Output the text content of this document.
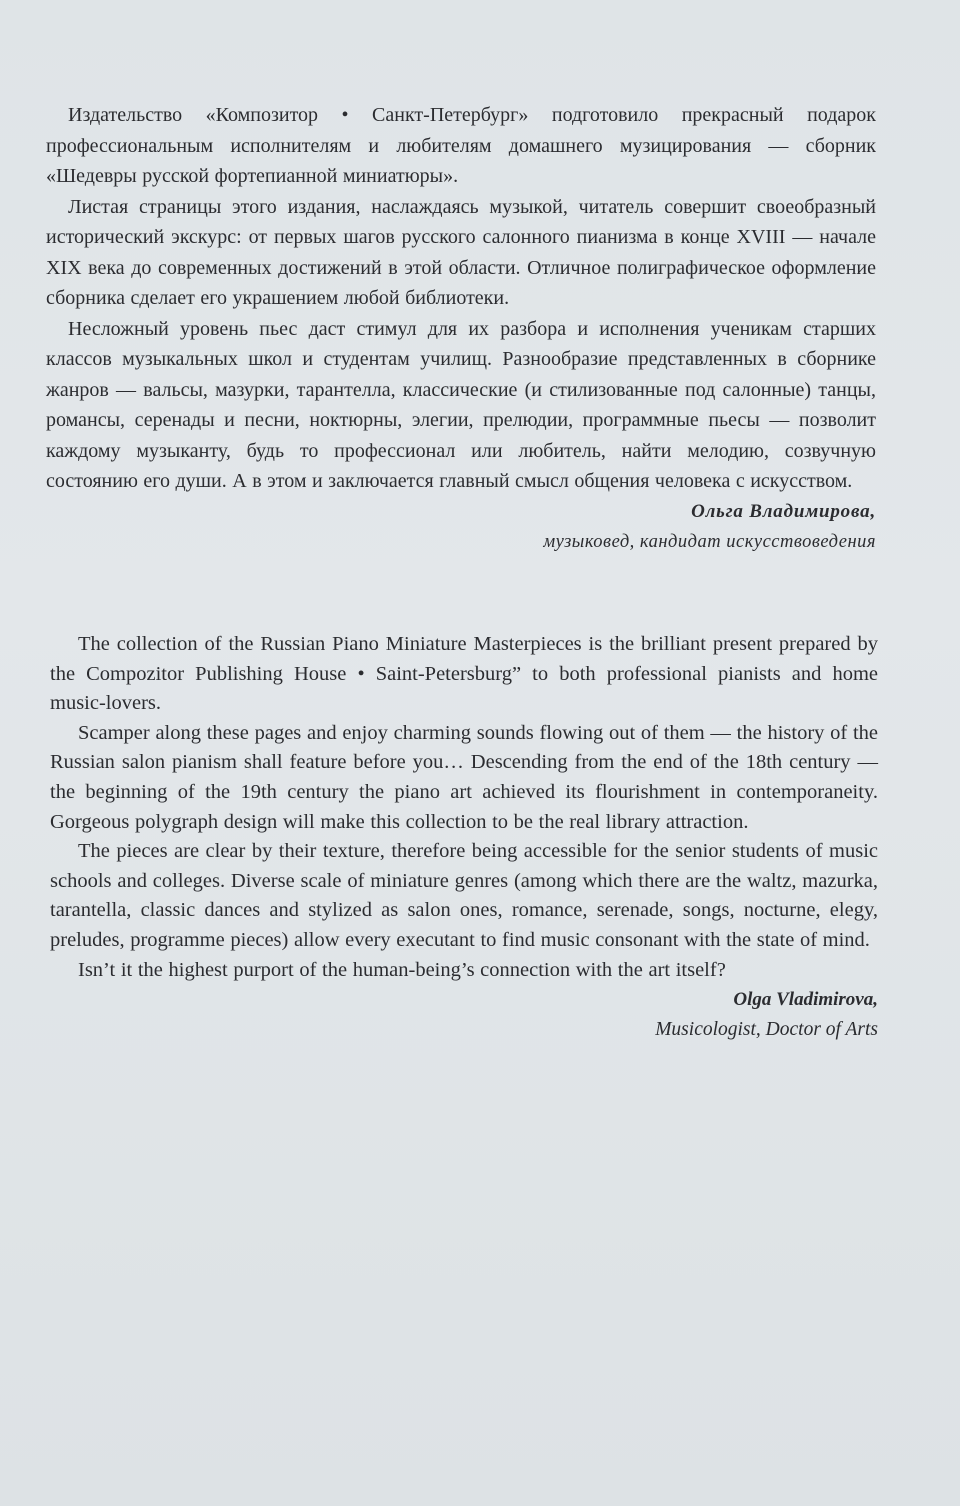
Издательство «Композитор • Санкт-Петербург» подготовило прекрасный подарок профессиональным исполнителям и любителям домашнего музицирования — сборник «Шедевры русской фортепианной миниатюры».

Листая страницы этого издания, наслаждаясь музыкой, читатель совершит своеобразный исторический экскурс: от первых шагов русского салонного пианизма в конце XVIII — начале XIX века до современных достижений в этой области. Отличное полиграфическое оформление сборника сделает его украшением любой библиотеки.

Несложный уровень пьес даст стимул для их разбора и исполнения ученикам старших классов музыкальных школ и студентам училищ. Разнообразие представленных в сборнике жанров — вальсы, мазурки, тарантелла, классические (и стилизованные под салонные) танцы, романсы, серенады и песни, ноктюрны, элегии, прелюдии, программные пьесы — позволит каждому музыканту, будь то профессионал или любитель, найти мелодию, созвучную состоянию его души. А в этом и заключается главный смысл общения человека с искусством.

Ольга Владимирова,

музыковед, кандидат искусствоведения

The collection of the Russian Piano Miniature Masterpieces is the brilliant present prepared by the Compozitor Publishing House • Saint-Petersburg” to both professional pianists and home music-lovers.

Scamper along these pages and enjoy charming sounds flowing out of them — the history of the Russian salon pianism shall feature before you… Descending from the end of the 18th century — the beginning of the 19th century the piano art achieved its flourishment in contemporaneity. Gorgeous polygraph design will make this collection to be the real library attraction.

The pieces are clear by their texture, therefore being accessible for the senior students of music schools and colleges. Diverse scale of miniature genres (among which there are the waltz, mazurka, tarantella, classic dances and stylized as salon ones, romance, serenade, songs, nocturne, elegy, preludes, programme pieces) allow every executant to find music consonant with the state of mind.

Isn’t it the highest purport of the human-being’s connection with the art itself?

Olga Vladimirova,

Musicologist, Doctor of Arts
